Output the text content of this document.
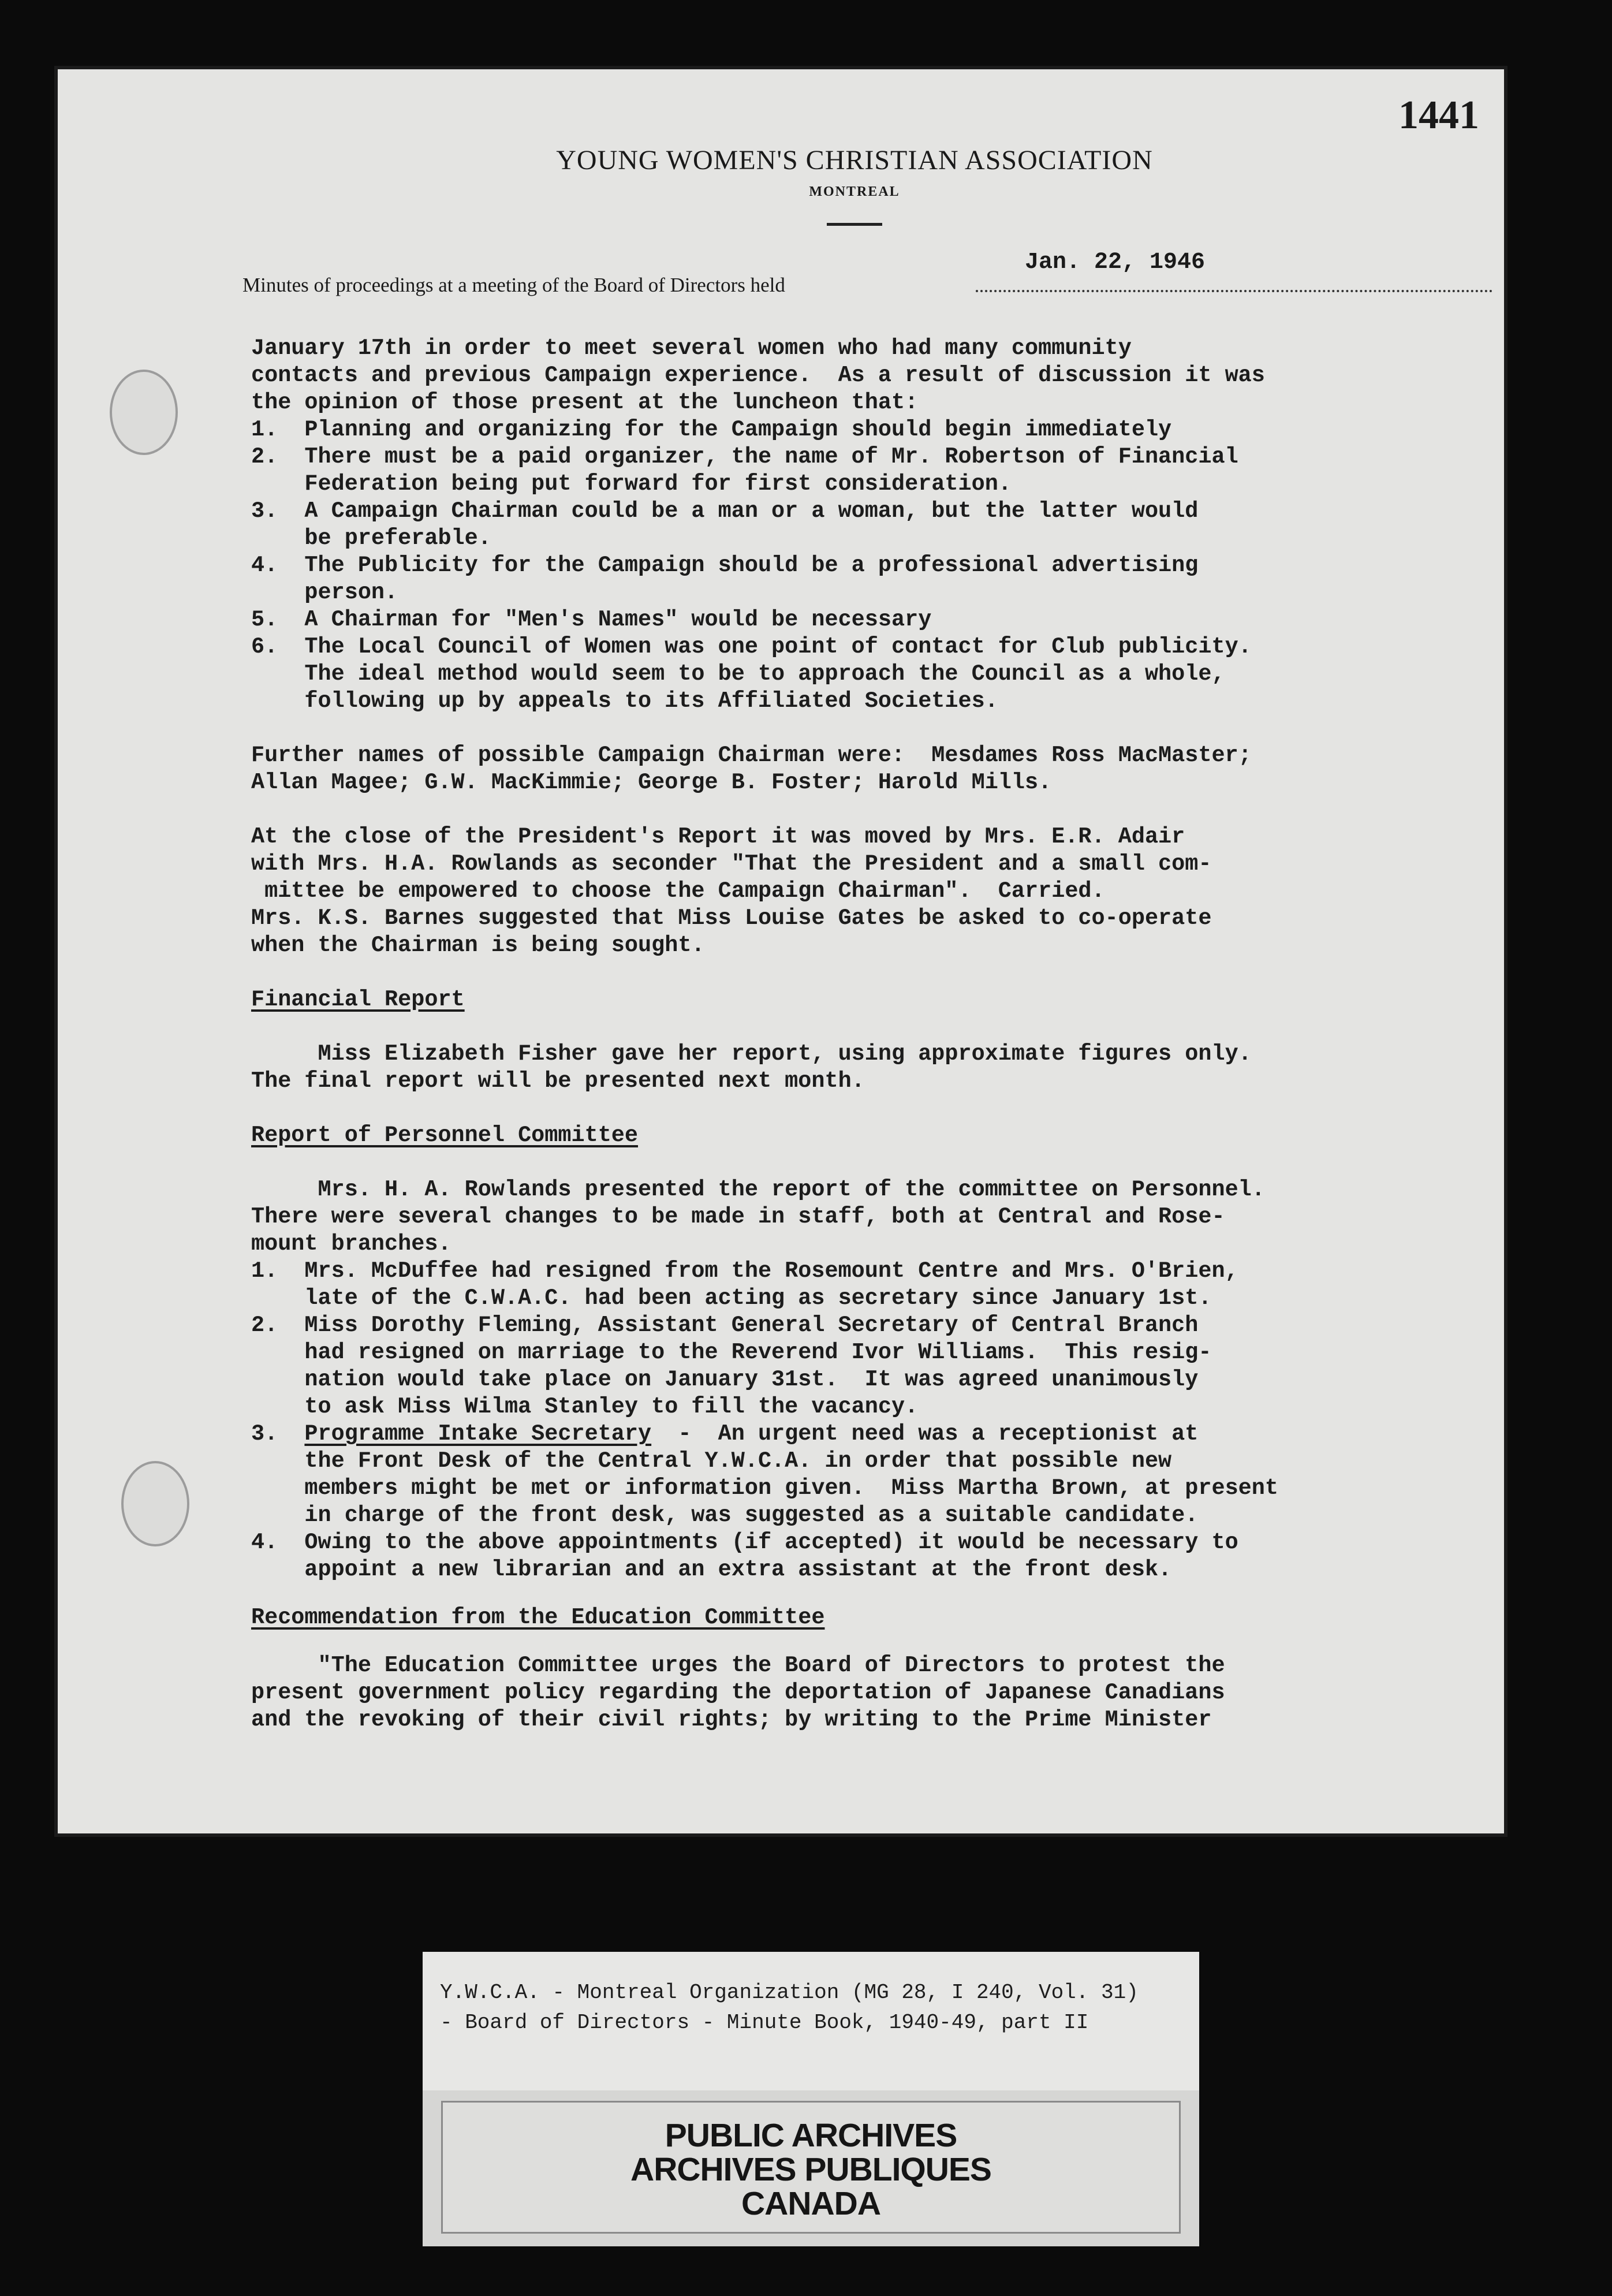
1441
YOUNG WOMEN'S CHRISTIAN ASSOCIATION
MONTREAL
Minutes of proceedings at a meeting of the Board of Directors held
Jan. 22, 1946

January 17th in order to meet several women who had many community

contacts and previous Campaign experience.  As a result of discussion it was

the opinion of those present at the luncheon that:

1.  Planning and organizing for the Campaign should begin immediately

2.  There must be a paid organizer, the name of Mr. Robertson of Financial

Federation being put forward for first consideration.

3.  A Campaign Chairman could be a man or a woman, but the latter would

be preferable.

4.  The Publicity for the Campaign should be a professional advertising

person.

5.  A Chairman for "Men's Names" would be necessary

6.  The Local Council of Women was one point of contact for Club publicity.

The ideal method would seem to be to approach the Council as a whole,

following up by appeals to its Affiliated Societies.

Further names of possible Campaign Chairman were:  Mesdames Ross MacMaster;

Allan Magee; G.W. MacKimmie; George B. Foster; Harold Mills.

At the close of the President's Report it was moved by Mrs. E.R. Adair

with Mrs. H.A. Rowlands as seconder "That the President and a small com-

mittee be empowered to choose the Campaign Chairman".  Carried.

Mrs. K.S. Barnes suggested that Miss Louise Gates be asked to co-operate

when the Chairman is being sought.

Financial Report

Miss Elizabeth Fisher gave her report, using approximate figures only.

The final report will be presented next month.

Report of Personnel Committee

Mrs. H. A. Rowlands presented the report of the committee on Personnel.

There were several changes to be made in staff, both at Central and Rose-

mount branches.

1.  Mrs. McDuffee had resigned from the Rosemount Centre and Mrs. O'Brien,

late of the C.W.A.C. had been acting as secretary since January 1st.

2.  Miss Dorothy Fleming, Assistant General Secretary of Central Branch

had resigned on marriage to the Reverend Ivor Williams.  This resig-

nation would take place on January 31st.  It was agreed unanimously

to ask Miss Wilma Stanley to fill the vacancy.

3.  Programme Intake Secretary  -  An urgent need was a receptionist at

the Front Desk of the Central Y.W.C.A. in order that possible new

members might be met or information given.  Miss Martha Brown, at present

in charge of the front desk, was suggested as a suitable candidate.

4.  Owing to the above appointments (if accepted) it would be necessary to

appoint a new librarian and an extra assistant at the front desk.

Recommendation from the Education Committee

"The Education Committee urges the Board of Directors to protest the

present government policy regarding the deportation of Japanese Canadians

and the revoking of their civil rights; by writing to the Prime Minister

Y.W.C.A. - Montreal Organization (MG 28, I 240, Vol. 31)
- Board of Directors - Minute Book, 1940-49, part II
PUBLIC ARCHIVES
ARCHIVES PUBLIQUES
CANADA
